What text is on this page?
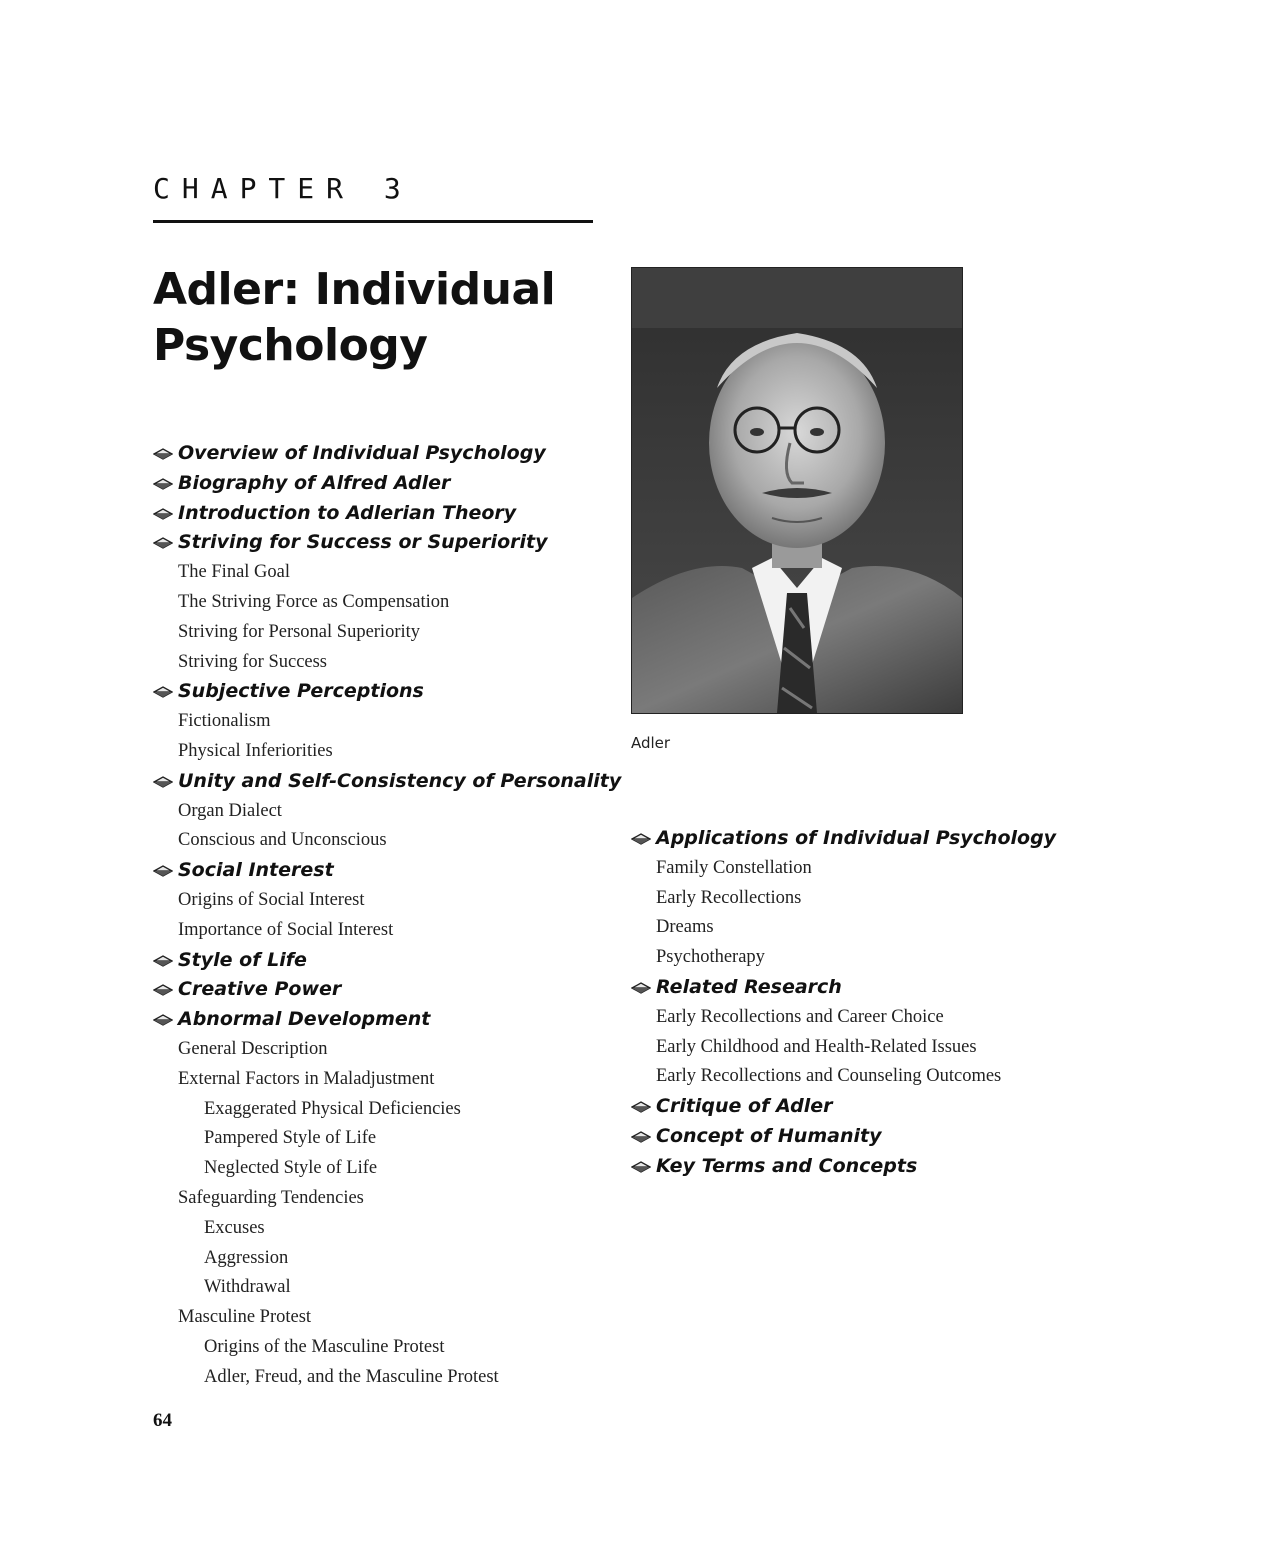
CHAPTER 3
Adler: Individual
Psychology
Overview of Individual Psychology
Biography of Alfred Adler
Introduction to Adlerian Theory
Striving for Success or Superiority
The Final Goal
The Striving Force as Compensation
Striving for Personal Superiority
Striving for Success
Subjective Perceptions
Fictionalism
Physical Inferiorities
Unity and Self-Consistency of Personality
Organ Dialect
Conscious and Unconscious
Social Interest
Origins of Social Interest
Importance of Social Interest
Style of Life
Creative Power
Abnormal Development
General Description
External Factors in Maladjustment
Exaggerated Physical Deficiencies
Pampered Style of Life
Neglected Style of Life
Safeguarding Tendencies
Excuses
Aggression
Withdrawal
Masculine Protest
Origins of the Masculine Protest
Adler, Freud, and the Masculine Protest
Adler
Applications of Individual Psychology
Family Constellation
Early Recollections
Dreams
Psychotherapy
Related Research
Early Recollections and Career Choice
Early Childhood and Health-Related Issues
Early Recollections and Counseling Outcomes
Critique of Adler
Concept of Humanity
Key Terms and Concepts
64
